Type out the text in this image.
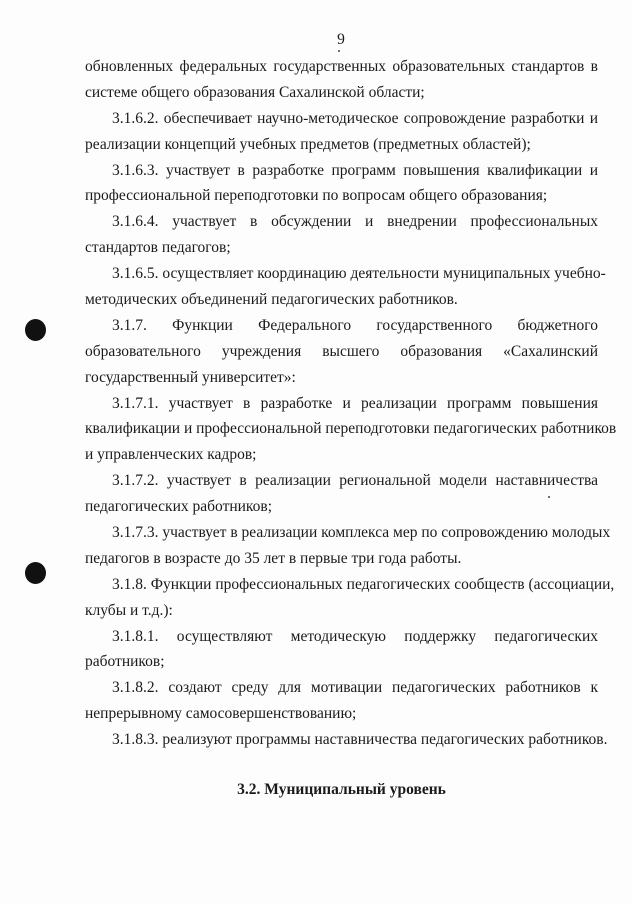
9
обновленных федеральных государственных образовательных стандартов в
системе общего образования Сахалинской области;
3.1.6.2. обеспечивает научно-методическое сопровождение разработки и
реализации концепций учебных предметов (предметных областей);
3.1.6.3. участвует в разработке программ повышения квалификации и
профессиональной переподготовки по вопросам общего образования;
3.1.6.4. участвует в обсуждении и внедрении профессиональных
стандартов педагогов;
3.1.6.5. осуществляет координацию деятельности муниципальных учебно-
методических объединений педагогических работников.
3.1.7. Функции Федерального государственного бюджетного
образовательного учреждения высшего образования «Сахалинский
государственный университет»:
3.1.7.1. участвует в разработке и реализации программ повышения
квалификации и профессиональной переподготовки педагогических работников
и управленческих кадров;
3.1.7.2. участвует в реализации региональной модели наставничества
педагогических работников;
3.1.7.3. участвует в реализации комплекса мер по сопровождению молодых
педагогов в возрасте до 35 лет в первые три года работы.
3.1.8. Функции профессиональных педагогических сообществ (ассоциации,
клубы и т.д.):
3.1.8.1. осуществляют методическую поддержку педагогических
работников;
3.1.8.2. создают среду для мотивации педагогических работников к
непрерывному самосовершенствованию;
3.1.8.3. реализуют программы наставничества педагогических работников.
3.2. Муниципальный уровень
